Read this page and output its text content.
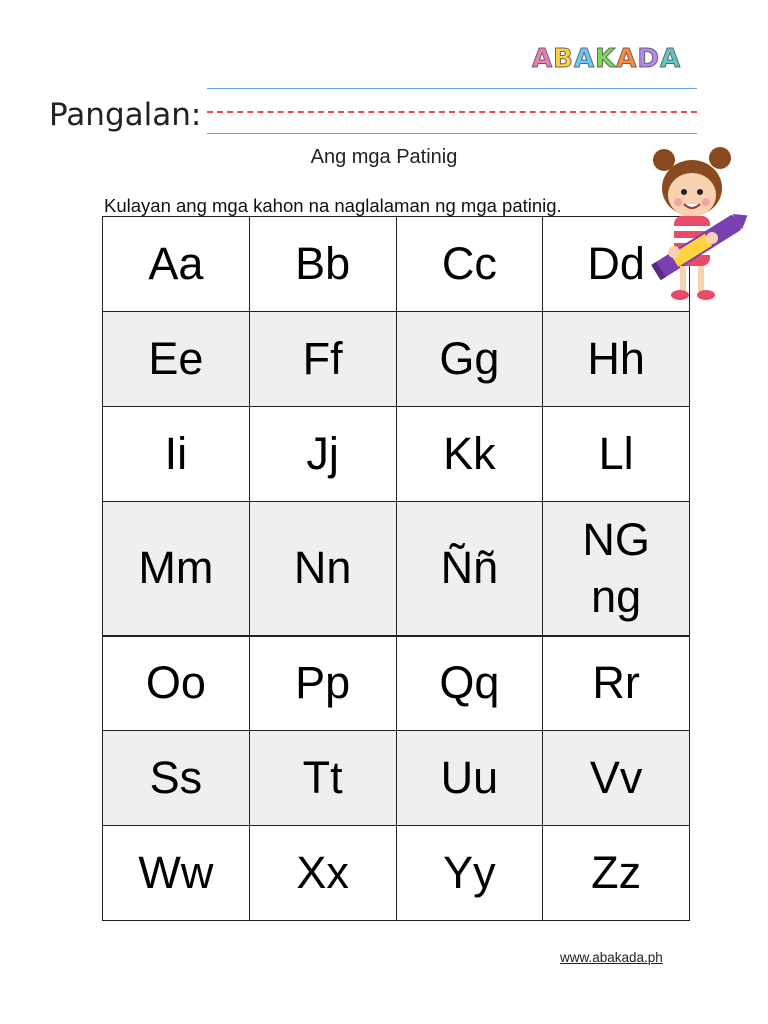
ABAKADA
Pangalan:
Ang mga Patinig
Kulayan ang mga kahon na naglalaman ng mga patinig.
Aa	Bb	Cc	Dd
Ee	Ff	Gg	Hh
Ii	Jj	Kk	Ll
Mm	Nn	Ññ	NG
ng
Oo	Pp	Qq	Rr
Ss	Tt	Uu	Vv
Ww	Xx	Yy	Zz
www.abakada.ph
